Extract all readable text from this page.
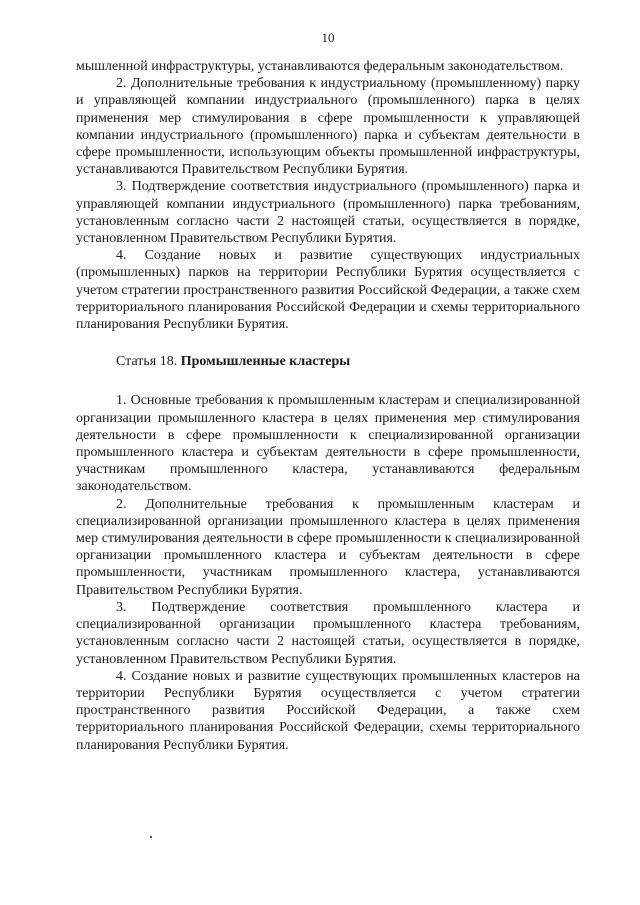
10

мышленной инфраструктуры, устанавливаются федеральным законодательством.

2. Дополнительные требования к индустриальному (промышленному) парку и управляющей компании индустриального (промышленного) парка в целях применения мер стимулирования в сфере промышленности к управляющей компании индустриального (промышленного) парка и субъектам деятельности в сфере промышленности, использующим объекты промышленной инфраструктуры, устанавливаются Правительством Республики Бурятия.

3. Подтверждение соответствия индустриального (промышленного) парка и управляющей компании индустриального (промышленного) парка требованиям, установленным согласно части 2 настоящей статьи, осуществляется в порядке, установленном Правительством Республики Бурятия.

4. Создание новых и развитие существующих индустриальных (промышленных) парков на территории Республики Бурятия осуществляется с учетом стратегии пространственного развития Российской Федерации, а также схем территориального планирования Российской Федерации и схемы территориального планирования Республики Бурятия.

Статья 18. Промышленные кластеры

1. Основные требования к промышленным кластерам и специализированной организации промышленного кластера в целях применения мер стимулирования деятельности в сфере промышленности к специализированной организации промышленного кластера и субъектам деятельности в сфере промышленности, участникам промышленного кластера, устанавливаются федеральным законодательством.

2. Дополнительные требования к промышленным кластерам и специализированной организации промышленного кластера в целях применения мер стимулирования деятельности в сфере промышленности к специализированной организации промышленного кластера и субъектам деятельности в сфере промышленности, участникам промышленного кластера, устанавливаются Правительством Республики Бурятия.

3. Подтверждение соответствия промышленного кластера и специализированной организации промышленного кластера требованиям, установленным согласно части 2 настоящей статьи, осуществляется в порядке, установленном Правительством Республики Бурятия.

4. Создание новых и развитие существующих промышленных кластеров на территории Республики Бурятия осуществляется с учетом стратегии пространственного развития Российской Федерации, а также схем территориального планирования Российской Федерации, схемы территориального планирования Республики Бурятия.
